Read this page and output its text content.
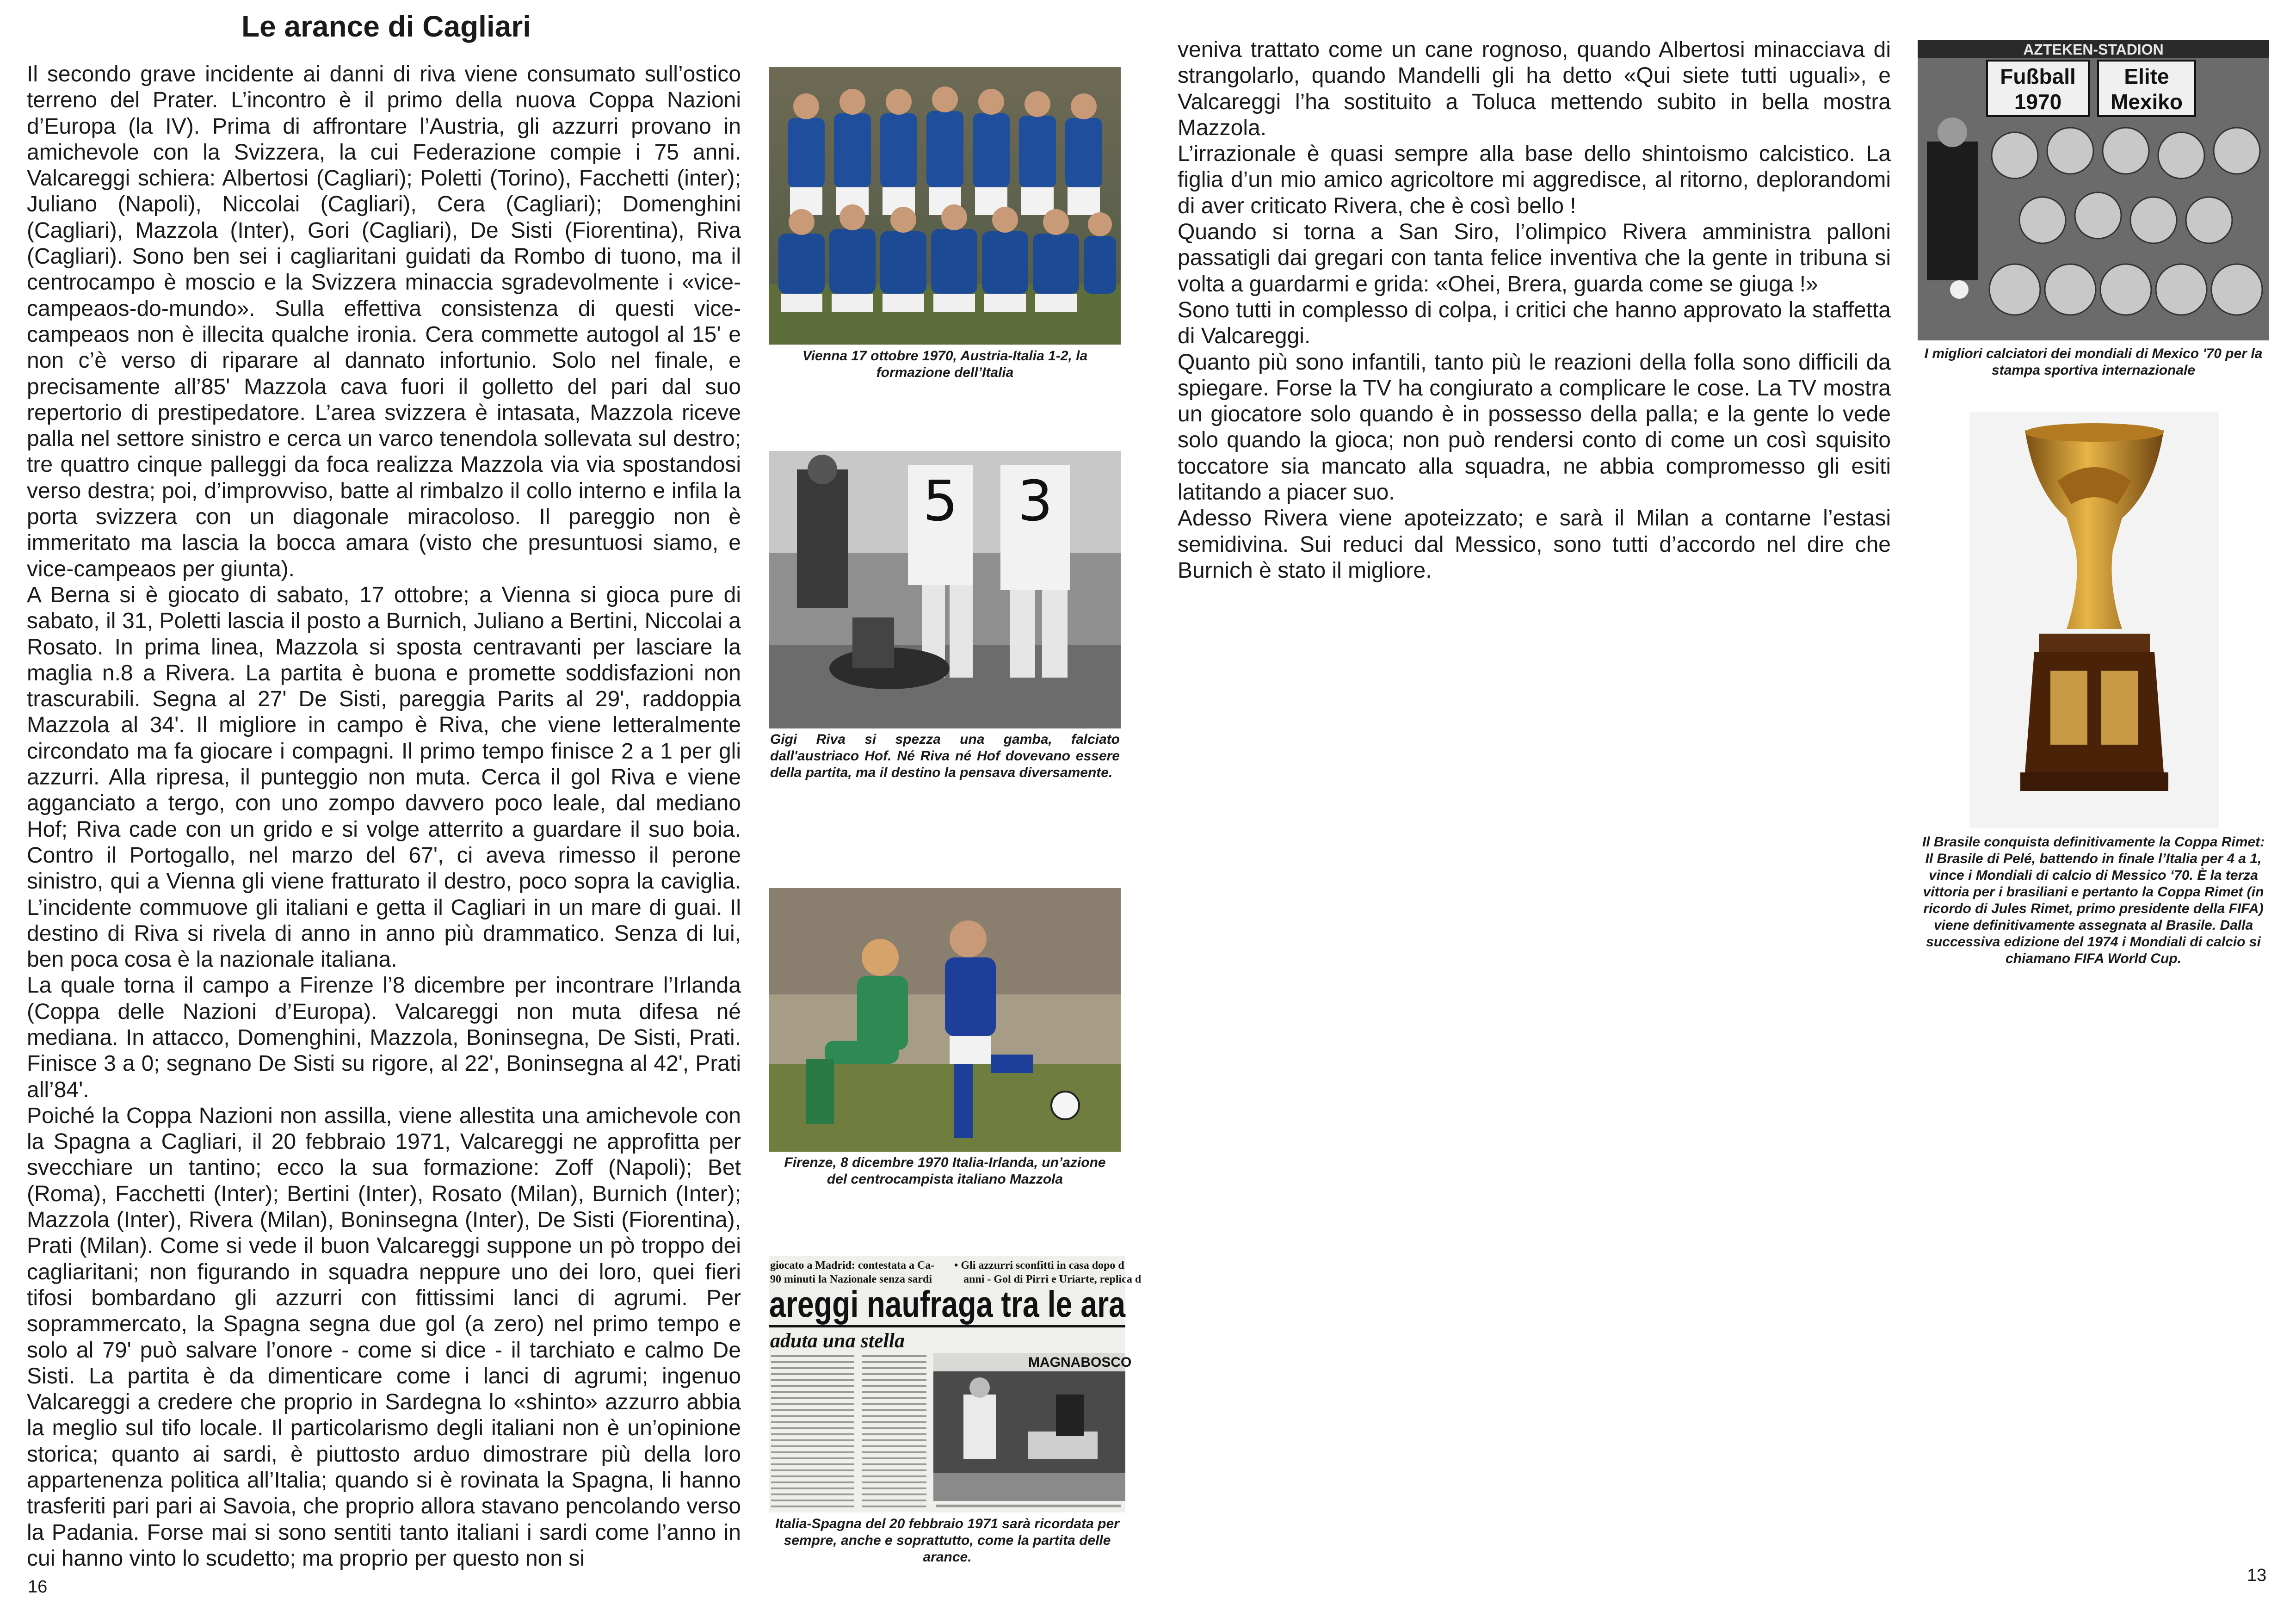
Le arance di Cagliari

Il secondo grave incidente ai danni di riva viene consumato sull’ostico terreno del Prater. L’incontro è il primo della nuova Coppa Nazioni d’Europa (la IV). Prima di affrontare l’Austria, gli azzurri provano in amichevole con la Svizzera, la cui Federazione compie i 75 anni. Valcareggi schiera: Albertosi (Cagliari); Poletti (Torino), Facchetti (inter); Juliano (Napoli), Niccolai (Cagliari), Cera (Cagliari); Domenghini (Cagliari), Mazzola (Inter), Gori (Cagliari), De Sisti (Fiorentina), Riva (Cagliari). Sono ben sei i cagliaritani guidati da Rombo di tuono, ma il centrocampo è moscio e la Svizzera minaccia sgradevolmente i «vice-campeaos-do-mundo». Sulla effettiva consistenza di questi vice-campeaos non è illecita qualche ironia. Cera commette autogol al 15' e non c’è verso di riparare al dannato infortunio. Solo nel finale, e precisamente all’85' Mazzola cava fuori il golletto del pari dal suo repertorio di prestipedatore. L’area svizzera è intasata, Mazzola riceve palla nel settore sinistro e cerca un varco tenendola sollevata sul destro; tre quattro cinque palleggi da foca realizza Mazzola via via spostandosi verso destra; poi, d’improvviso, batte al rimbalzo il collo interno e infila la porta svizzera con un diagonale miracoloso. Il pareggio non è immeritato ma lascia la bocca amara (visto che presuntuosi siamo, e vice-campeaos per giunta).

A Berna si è giocato di sabato, 17 ottobre; a Vienna si gioca pure di sabato, il 31, Poletti lascia il posto a Burnich, Juliano a Bertini, Niccolai a Rosato. In prima linea, Mazzola si sposta centravanti per lasciare la maglia n.8 a Rivera. La partita è buona e promette soddisfazioni non trascurabili. Segna al 27' De Sisti, pareggia Parits al 29', raddoppia Mazzola al 34'. Il migliore in campo è Riva, che viene letteralmente circondato ma fa giocare i compagni. Il primo tempo finisce 2 a 1 per gli azzurri. Alla ripresa, il punteggio non muta. Cerca il gol Riva e viene agganciato a tergo, con uno zompo davvero poco leale, dal mediano Hof; Riva cade con un grido e si volge atterrito a guardare il suo boia. Contro il Portogallo, nel marzo del 67', ci aveva rimesso il perone sinistro, qui a Vienna gli viene fratturato il destro, poco sopra la caviglia. L’incidente commuove gli italiani e getta il Cagliari in un mare di guai. Il destino di Riva si rivela di anno in anno più drammatico. Senza di lui, ben poca cosa è la nazionale italiana.

La quale torna il campo a Firenze l’8 dicembre per incontrare l’Irlanda (Coppa delle Nazioni d’Europa). Valcareggi non muta difesa né mediana. In attacco, Domenghini, Mazzola, Boninsegna, De Sisti, Prati. Finisce 3 a 0; segnano De Sisti su rigore, al 22', Boninsegna al 42', Prati all’84'.

Poiché la Coppa Nazioni non assilla, viene allestita una amichevole con la Spagna a Cagliari, il 20 febbraio 1971, Valcareggi ne approfitta per svecchiare un tantino; ecco la sua formazione: Zoff (Napoli); Bet (Roma), Facchetti (Inter); Bertini (Inter), Rosato (Milan), Burnich (Inter); Mazzola (Inter), Rivera (Milan), Boninsegna (Inter), De Sisti (Fiorentina), Prati (Milan). Come si vede il buon Valcareggi suppone un pò troppo dei cagliaritani; non figurando in squadra neppure uno dei loro, quei fieri tifosi bombardano gli azzurri con fittissimi lanci di agrumi. Per soprammercato, la Spagna segna due gol (a zero) nel primo tempo e solo al 79' può salvare l’onore - come si dice - il tarchiato e calmo De Sisti. La partita è da dimenticare come i lanci di agrumi; ingenuo Valcareggi a credere che proprio in Sardegna lo «shinto» azzurro abbia la meglio sul tifo locale. Il particolarismo degli italiani non è un’opinione storica; quanto ai sardi, è piuttosto arduo dimostrare più della loro appartenenza politica all’Italia; quando si è rovinata la Spagna, li hanno trasferiti pari pari ai Savoia, che proprio allora stavano pencolando verso la Padania. Forse mai si sono sentiti tanto italiani i sardi come l’anno in cui hanno vinto lo scudetto; ma proprio per questo non si

Vienna 17 ottobre 1970, Austria-Italia 1-2, la formazione dell’Italia

5 3

Gigi Riva si spezza una gamba, falciato dall'austriaco Hof. Né Riva né Hof dovevano essere della partita, ma il destino la pensava diversamente.

Firenze, 8 dicembre 1970 Italia-Irlanda, un’azione del centrocampista italiano Mazzola

giocato a Madrid: contestata a Ca-
90 minuti la Nazionale senza sardi
• Gli azzurri sconfitti in casa dopo d
anni - Gol di Pirri e Uriarte, replica d
areggi naufraga tra le ara
aduta una stella
MAGNABOSCO

Italia-Spagna del 20 febbraio 1971 sarà ricordata per sempre, anche e soprattutto, come la partita delle arance.

veniva trattato come un cane rognoso, quando Albertosi minacciava di strangolarlo, quando Mandelli gli ha detto «Qui siete tutti uguali», e Valcareggi l’ha sostituito a Toluca mettendo subito in bella mostra Mazzola.

L’irrazionale è quasi sempre alla base dello shintoismo calcistico. La figlia d’un mio amico agricoltore mi aggredisce, al ritorno, deplorandomi di aver criticato Rivera, che è così bello !

Quando si torna a San Siro, l’olimpico Rivera amministra palloni passatigli dai gregari con tanta felice inventiva che la gente in tribuna si volta a guardarmi e grida: «Ohei, Brera, guarda come se giuga !»

Sono tutti in complesso di colpa, i critici che hanno approvato la staffetta di Valcareggi.

Quanto più sono infantili, tanto più le reazioni della folla sono difficili da spiegare. Forse la TV ha congiurato a complicare le cose. La TV mostra un giocatore solo quando è in possesso della palla; e la gente lo vede solo quando la gioca; non può rendersi conto di come un così squisito toccatore sia mancato alla squadra, ne abbia compromesso gli esiti latitando a piacer suo.

Adesso Rivera viene apoteizzato; e sarà il Milan a contarne l’estasi semidivina. Sui reduci dal Messico, sono tutti d’accordo nel dire che Burnich è stato il migliore.

AZTEKEN-STADION
Fußball
1970
Elite
Mexiko

I migliori calciatori dei mondiali di Mexico '70 per la stampa sportiva internazionale

Il Brasile conquista definitivamente la Coppa Rimet: Il Brasile di Pelé, battendo in finale l’Italia per 4 a 1, vince i Mondiali di calcio di Messico ‘70. È la terza vittoria per i brasiliani e pertanto la Coppa Rimet (in ricordo di Jules Rimet, primo presidente della FIFA) viene definitivamente assegnata al Brasile. Dalla successiva edizione del 1974 i Mondiali di calcio si chiamano FIFA World Cup.

16
13
